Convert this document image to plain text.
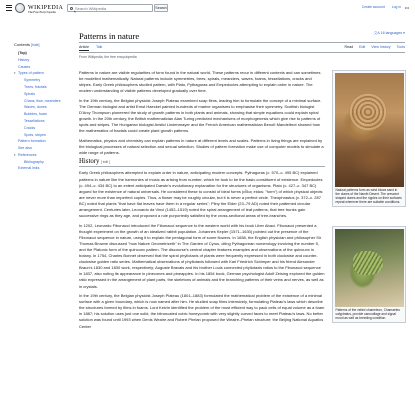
WIKIPEDIA
The Free Encyclopedia
Search Wikipedia	Search	Create account Log in •••
Contents [hide]
(Top)
History
Causes
▾ Types of pattern
Symmetry
Trees, fractals
Spirals
Chaos, flow, meanders
Waves, dunes
Bubbles, foam
Tessellations
Cracks
Spots, stripes
Pattern formation
See also
▾ References
Bibliography
External links
Patterns in nature	文A 16 languages ▾
Article Talk	Read Edit View history Tools
From Wikipedia, the free encyclopedia

Patterns in nature are visible regularities of form found in the natural world. These patterns recur in different contexts and can sometimes be modelled mathematically. Natural patterns include symmetries, trees, spirals, meanders, waves, foams, tessellations, cracks and stripes. Early Greek philosophers studied pattern, with Plato, Pythagoras and Empedocles attempting to explain order in nature. The modern understanding of visible patterns developed gradually over time.

In the 19th century, the Belgian physicist Joseph Plateau examined soap films, leading him to formulate the concept of a minimal surface. The German biologist and artist Ernst Haeckel painted hundreds of marine organisms to emphasise their symmetry. Scottish biologist D'Arcy Thompson pioneered the study of growth patterns in both plants and animals, showing that simple equations could explain spiral growth. In the 20th century, the British mathematician Alan Turing predicted mechanisms of morphogenesis which give rise to patterns of spots and stripes. The Hungarian biologist Aristid Lindenmayer and the French American mathematician Benoît Mandelbrot showed how the mathematics of fractals could create plant growth patterns.

Mathematics, physics and chemistry can explain patterns in nature at different levels and scales. Patterns in living things are explained by the biological processes of natural selection and sexual selection. Studies of pattern formation make use of computer models to simulate a wide range of patterns.

History [ edit ]

Early Greek philosophers attempted to explain order in nature, anticipating modern concepts. Pythagoras (c. 570–c. 495 BC) explained patterns in nature like the harmonies of music as arising from number, which he took to be the basic constituent of existence. Empedocles (c. 494–c. 434 BC) to an extent anticipated Darwin's evolutionary explanation for the structures of organisms. Plato (c. 427–c. 347 BC) argued for the existence of natural universals. He considered these to consist of ideal forms (εἶδος eidos: "form") of which physical objects are never more than imperfect copies. Thus, a flower may be roughly circular, but it is never a perfect circle. Theophrastus (c. 372–c. 287 BC) noted that plants "that have flat leaves have them in a regular series"; Pliny the Elder (23–79 AD) noted their patterned circular arrangement. Centuries later, Leonardo da Vinci (1452–1519) noted the spiral arrangement of leaf patterns, that tree trunks gain successive rings as they age, and proposed a rule purportedly satisfied by the cross-sectional areas of tree-branches.

In 1202, Leonardo Fibonacci introduced the Fibonacci sequence to the western world with his book Liber Abaci. Fibonacci presented a thought experiment on the growth of an idealized rabbit population. Johannes Kepler (1571–1630) pointed out the presence of the Fibonacci sequence in nature, using it to explain the pentagonal form of some flowers. In 1658, the English physician and philosopher Sir Thomas Browne discussed "how Nature Geometrizeth" in The Garden of Cyrus, citing Pythagorean numerology involving the number 5, and the Platonic form of the quincunx pattern. The discourse's central chapter features examples and observations of the quincunx in botany. In 1754, Charles Bonnet observed that the spiral phyllotaxis of plants were frequently expressed in both clockwise and counter-clockwise golden ratio series. Mathematical observations of phyllotaxis followed with Karl Friedrich Schimper and his friend Alexander Braun's 1830 and 1830 work, respectively; Auguste Bravais and his brother Louis connected phyllotaxis ratios to the Fibonacci sequence in 1837, also noting its appearance in pinecones and pineapples. In his 1854 book, German psychologist Adolf Zeising explored the golden ratio expressed in the arrangement of plant parts, the skeletons of animals and the branching patterns of their veins and nerves, as well as in crystals.

In the 19th century, the Belgian physicist Joseph Plateau (1801–1883) formulated the mathematical problem of the existence of a minimal surface with a given boundary, which is now named after him. He studied soap films intensively, formulating Plateau's laws which describe the structures formed by films in foams. Lord Kelvin identified the problem of the most efficient way to pack cells of equal volume as a foam in 1887; his solution uses just one solid, the bitruncated cubic honeycomb with very slightly curved faces to meet Plateau's laws. No better solution was found until 1993 when Denis Weaire and Robert Phelan proposed the Weaire–Phelan structure; the Beijing National Aquatics Center

Natural patterns form as wind blows sand in the dunes of the Namib Desert. The crescent shaped dunes and the ripples on their surfaces repeat wherever there are suitable conditions.
Patterns of the veiled chameleon, Chamaeleo calyptratus, provide camouflage and signal mood as well as breeding condition.
